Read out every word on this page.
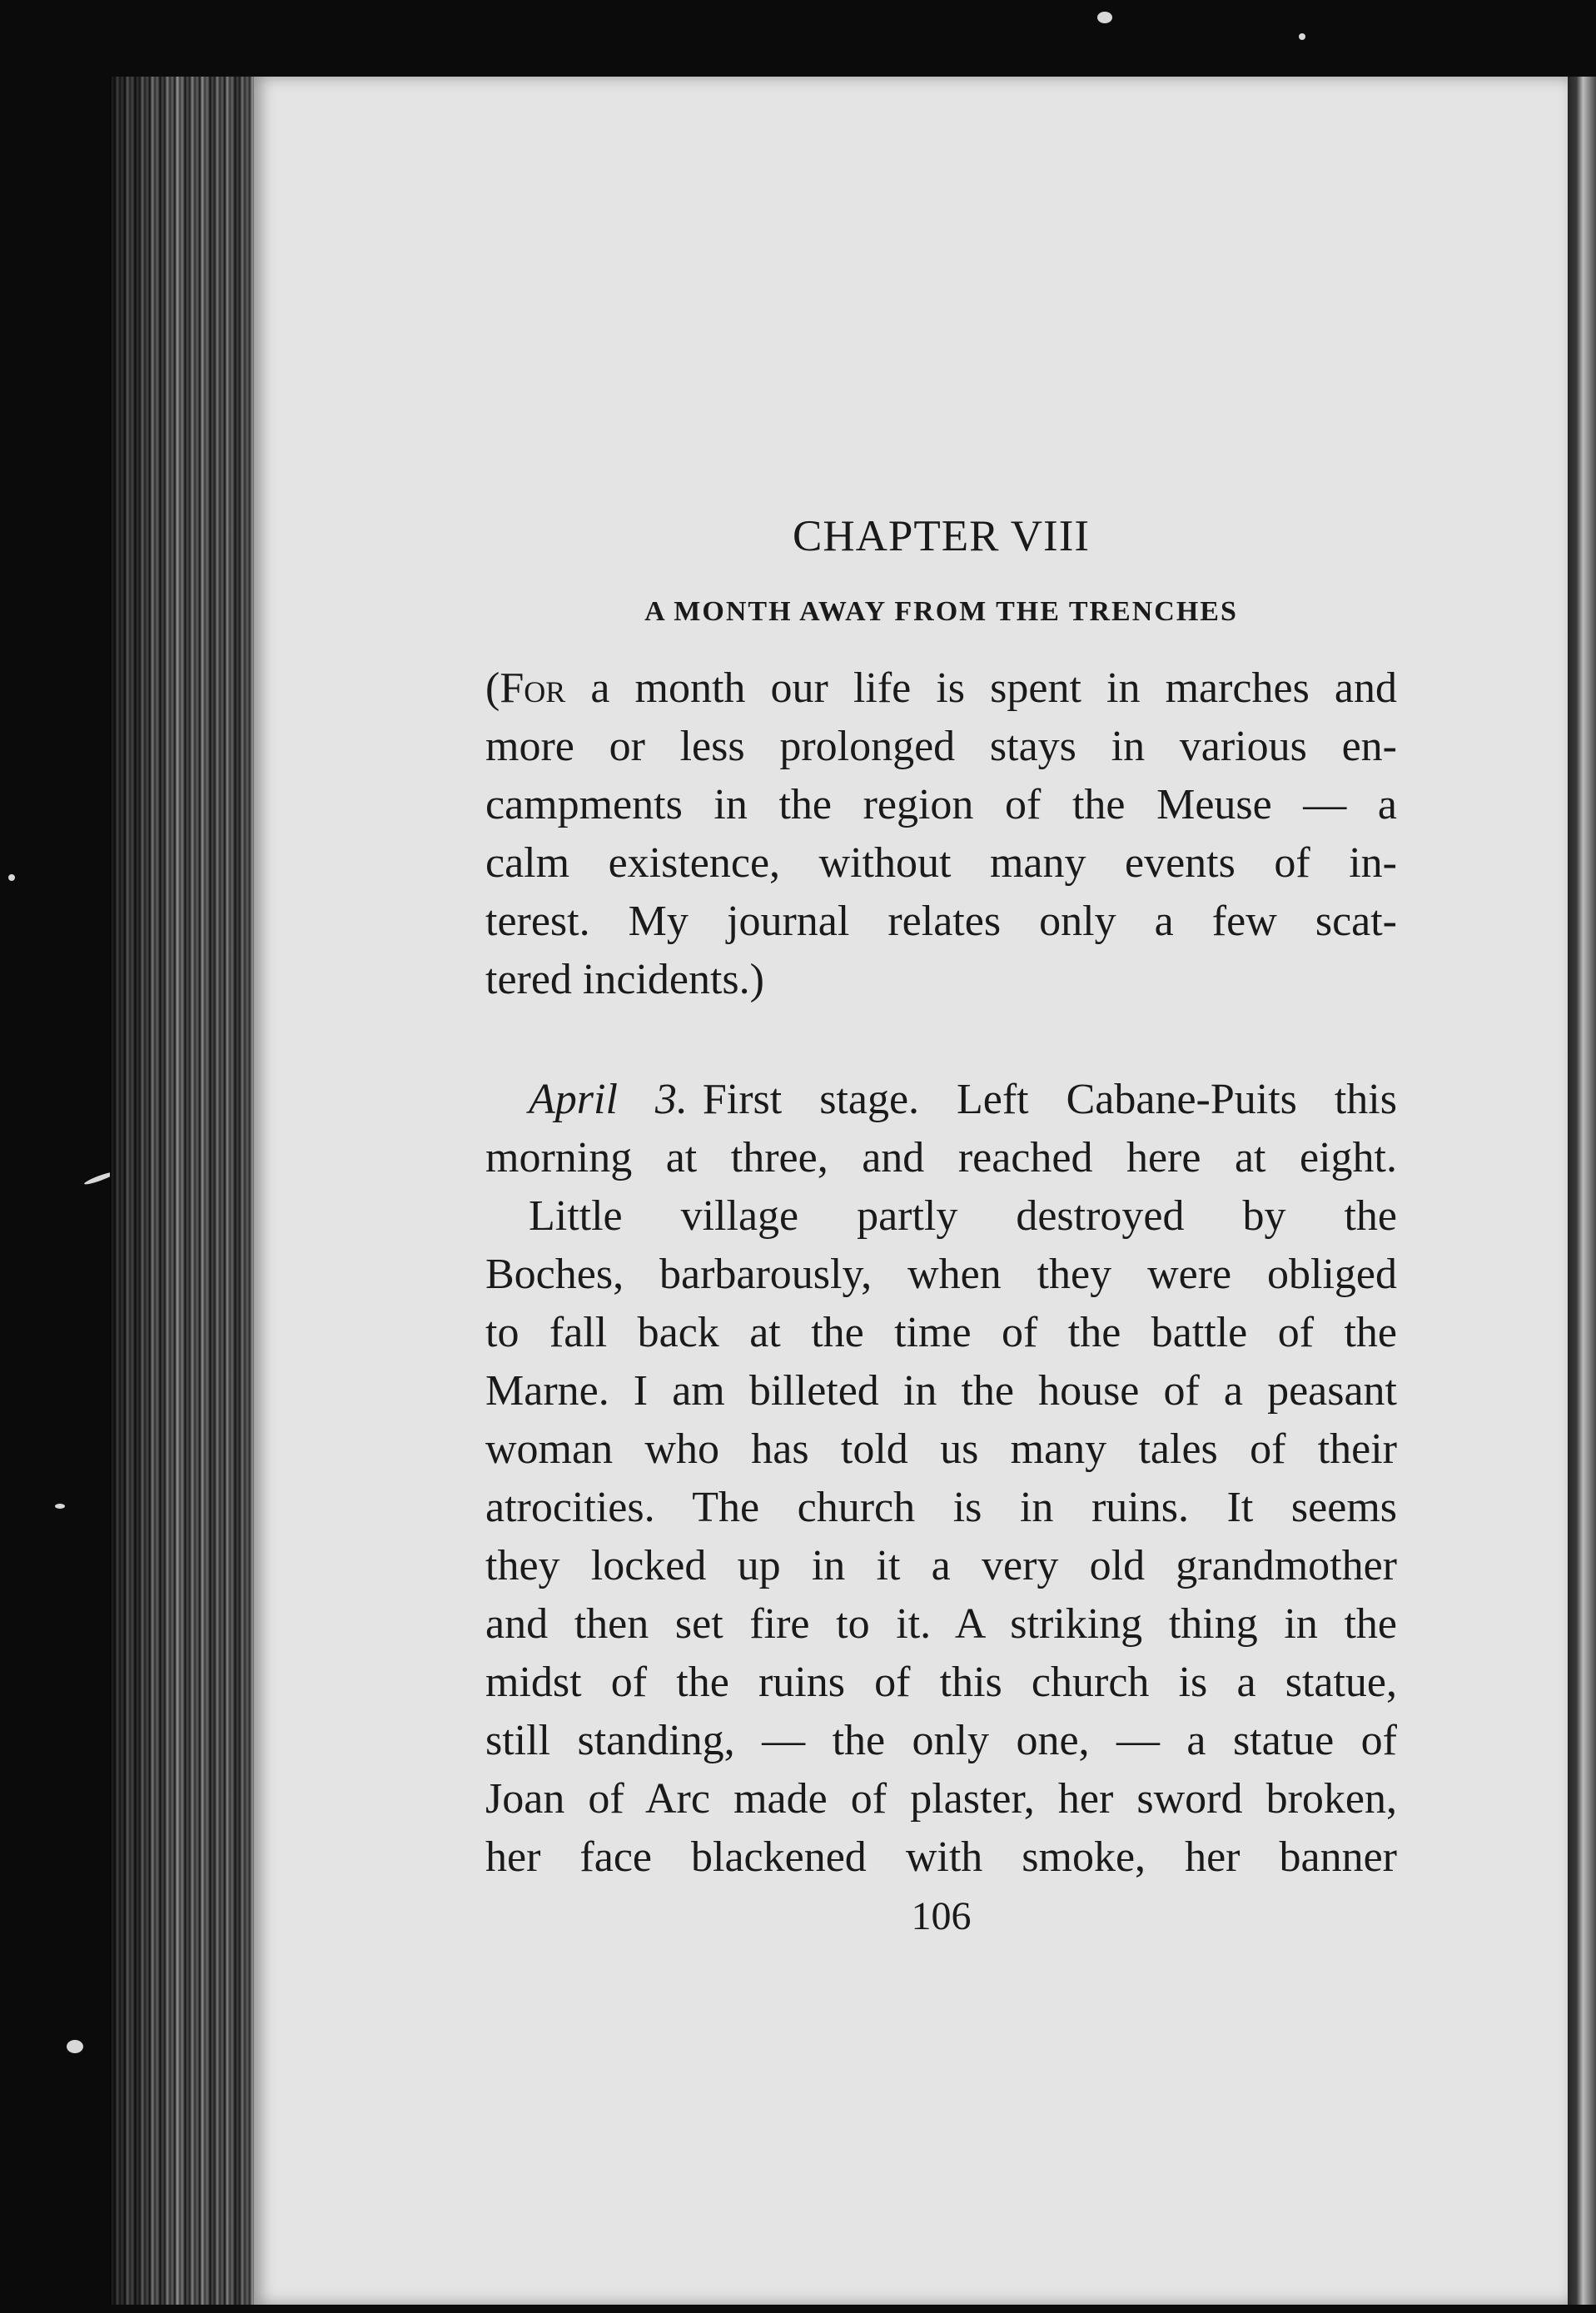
CHAPTER VIII
A MONTH AWAY FROM THE TRENCHES
(For a month our life is spent in marches and
more or less prolonged stays in various en-
campments in the region of the Meuse — a
calm existence, without many events of in-
terest. My journal relates only a few scat-
tered incidents.)
April 3. First stage. Left Cabane-Puits this
morning at three, and reached here at eight.
Little village partly destroyed by the
Boches, barbarously, when they were obliged
to fall back at the time of the battle of the
Marne. I am billeted in the house of a peasant
woman who has told us many tales of their
atrocities. The church is in ruins. It seems
they locked up in it a very old grandmother
and then set fire to it. A striking thing in the
midst of the ruins of this church is a statue,
still standing, — the only one, — a statue of
Joan of Arc made of plaster, her sword broken,
her face blackened with smoke, her banner
106
